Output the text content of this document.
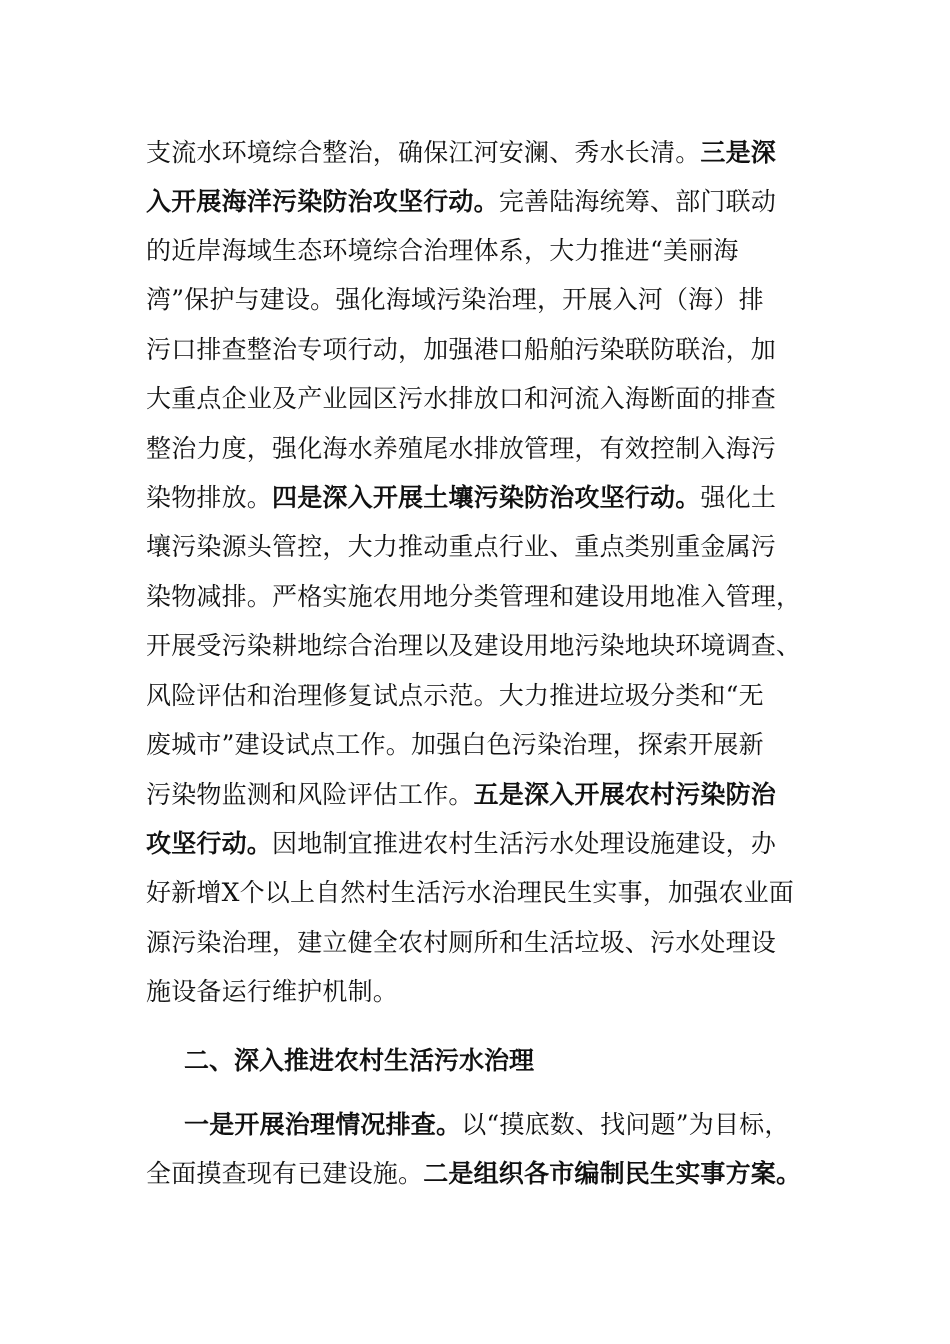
支流水环境综合整治，确保江河安澜、秀水长清。三是深
入开展海洋污染防治攻坚行动。完善陆海统筹、部门联动
的近岸海域生态环境综合治理体系，大力推进“美丽海
湾”保护与建设。强化海域污染治理，开展入河（海）排
污口排查整治专项行动，加强港口船舶污染联防联治，加
大重点企业及产业园区污水排放口和河流入海断面的排查
整治力度，强化海水养殖尾水排放管理，有效控制入海污
染物排放。四是深入开展土壤污染防治攻坚行动。强化土
壤污染源头管控，大力推动重点行业、重点类别重金属污
染物减排。严格实施农用地分类管理和建设用地准入管理，
开展受污染耕地综合治理以及建设用地污染地块环境调查、
风险评估和治理修复试点示范。大力推进垃圾分类和“无
废城市”建设试点工作。加强白色污染治理，探索开展新
污染物监测和风险评估工作。五是深入开展农村污染防治
攻坚行动。因地制宜推进农村生活污水处理设施建设，办
好新增X个以上自然村生活污水治理民生实事，加强农业面
源污染治理，建立健全农村厕所和生活垃圾、污水处理设
施设备运行维护机制。
二、深入推进农村生活污水治理
一是开展治理情况排查。以“摸底数、找问题”为目标，
全面摸查现有已建设施。二是组织各市编制民生实事方案。
